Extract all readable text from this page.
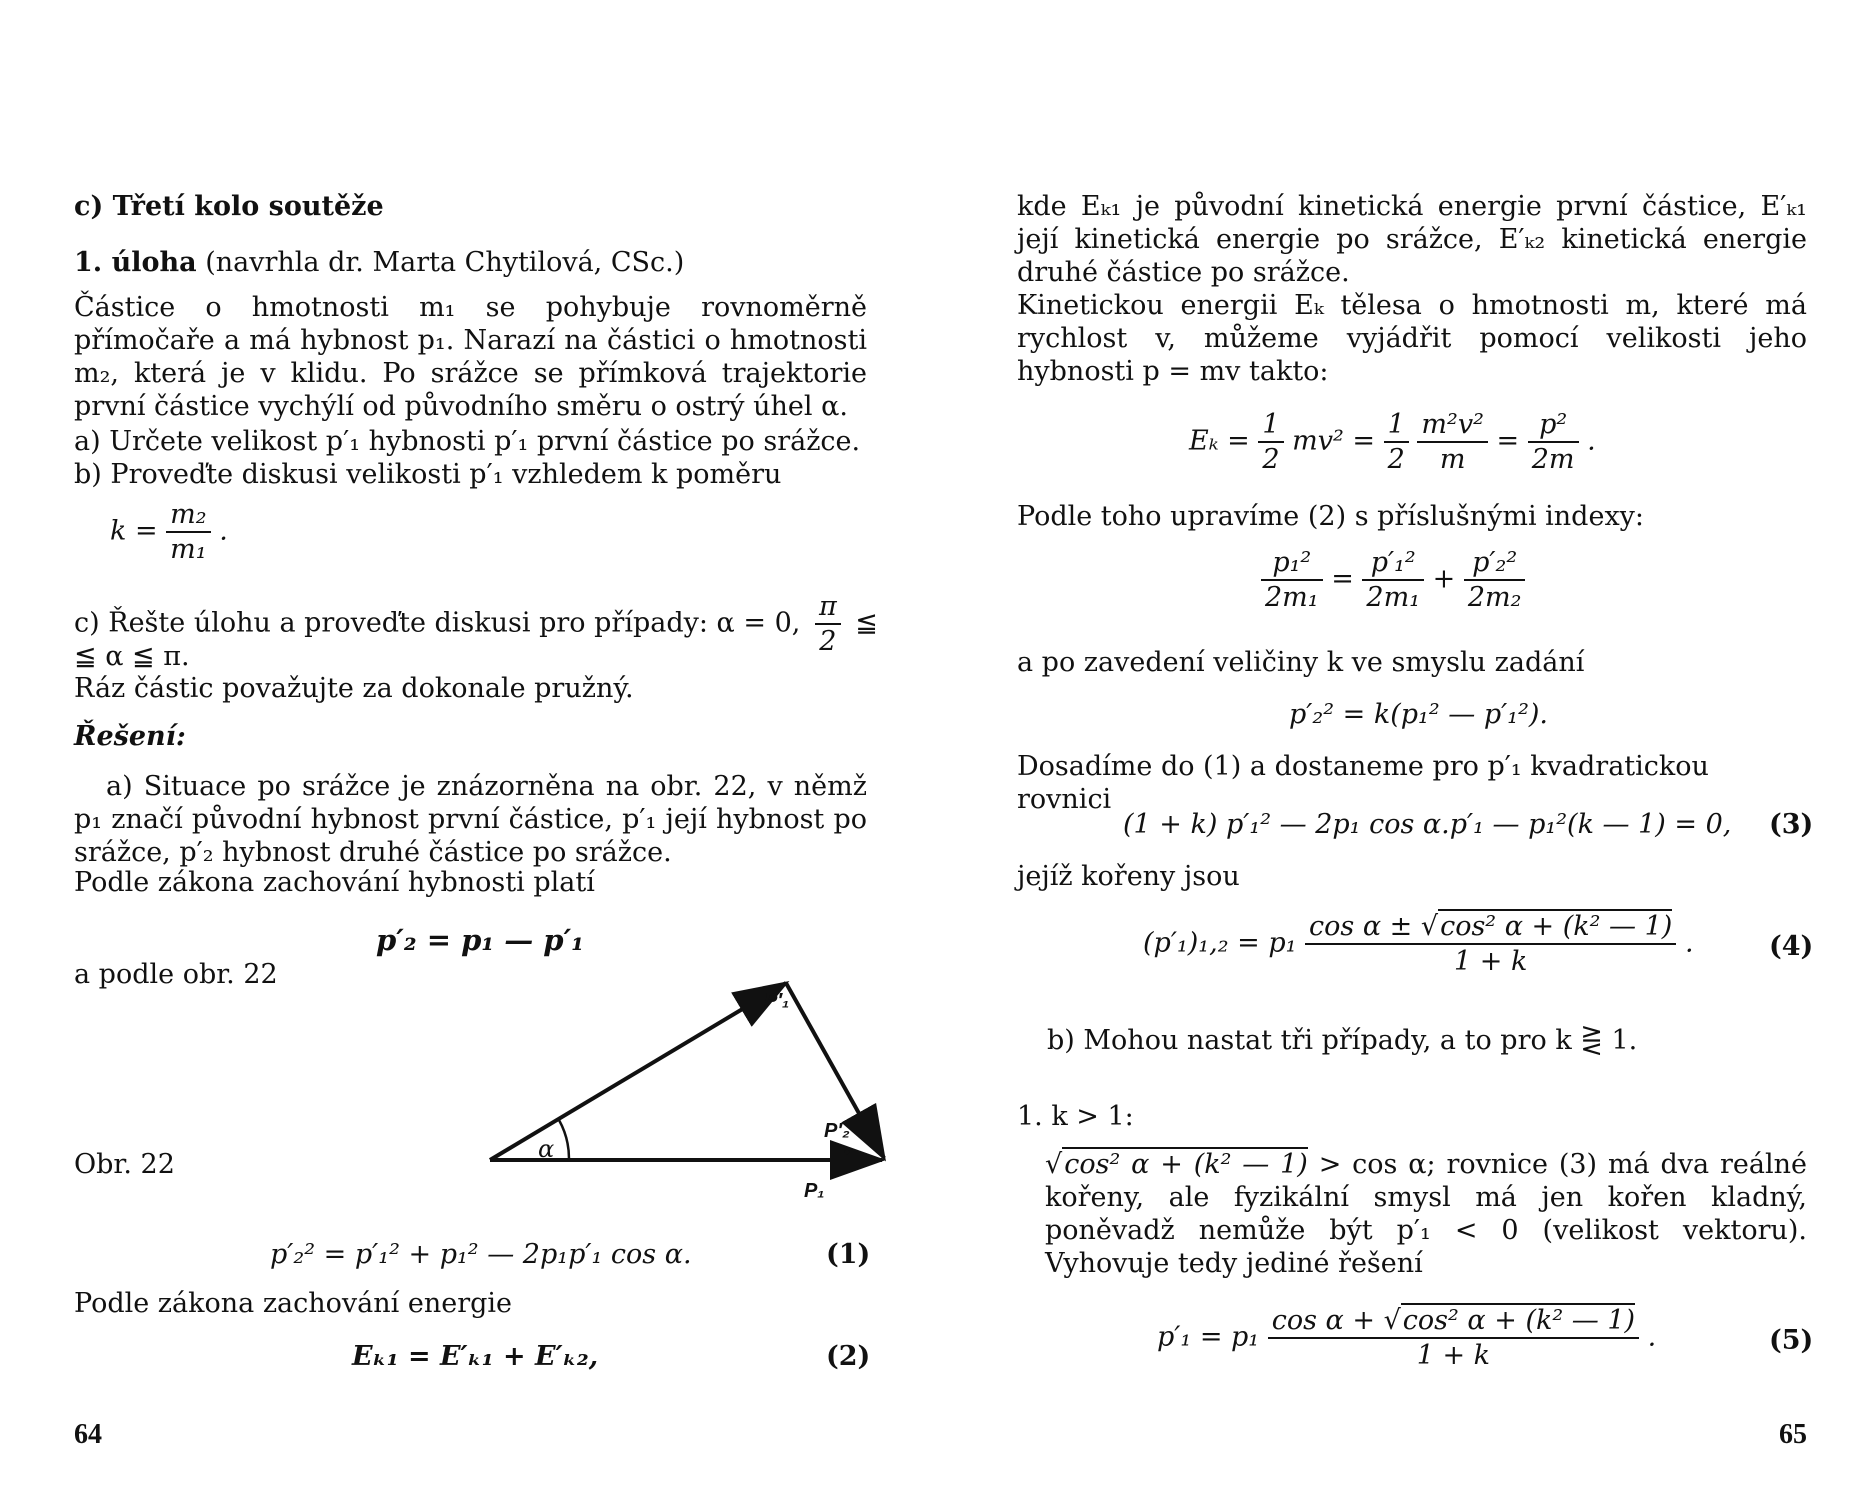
c) Třetí kolo soutěže

1. úloha (navrhla dr. Marta Chytilová, CSc.)

Částice o hmotnosti m₁ se pohybuje rovnoměrně přímočaře a má hybnost p₁. Narazí na částici o hmotnosti m₂, která je v klidu. Po srážce se přímková trajektorie první částice vychýlí od původního směru o ostrý úhel α.

a) Určete velikost p′₁ hybnosti p′₁ první částice po srážce.

b) Proveďte diskusi velikosti p′₁ vzhledem k poměru

$k = \frac{\text{m₂}}{\text{m₁}}$ .

c) Řešte úlohu a proveďte diskusi pro případy: α = 0, $\frac{\pi}{2}$ ≦

≦ α ≦ π.

Ráz částic považujte za dokonale pružný.

Řešení:

a) Situace po srážce je znázorněna na obr. 22, v němž p₁ značí původní hybnost první částice, p′₁ její hybnost po srážce, p′₂ hybnost druhé částice po srážce.

Podle zákona zachování hybnosti platí

p′₂ = p₁ — p′₁

a podle obr. 22

P′₁
P′₂
P₁
α

Obr. 22

p′₂² = p′₁² + p₁² — 2p₁p′₁ cos α.	(1)

Podle zákona zachování energie

Eₖ₁ = E′ₖ₁ + E′ₖ₂,	(2)
64

kde Eₖ₁ je původní kinetická energie první částice, E′ₖ₁ její kinetická energie po srážce, E′ₖ₂ kinetická energie druhé částice po srážce.

Kinetickou energii Eₖ tělesa o hmotnosti m, které má rychlost v, můžeme vyjádřit pomocí velikosti jeho hybnosti p = mv takto:

$E_k = \frac{1}{2} mv^2 = \frac{1}{2}$
$\frac{\text{m²v²}}{m} = \frac{\text{p²}}{2m}$ .

Podle toho upravíme (2) s příslušnými indexy:

$\frac{\text{p₁²}}{\text{2m₁}} = \frac{\text{p′₁²}}{\text{2m₁}} + \frac{\text{p′₂²}}{\text{2m₂}}$

a po zavedení veličiny k ve smyslu zadání

p′₂² = k(p₁² — p′₁²).

Dosadíme do (1) a dostaneme pro p′₁ kvadratickou rovnici

(1 + k) p′₁² — 2p₁ cos α.p′₁ — p₁²(k — 1) = 0, (3)

jejíž kořeny jsou

$(p'_1)_1,_2 = p_1 \frac{\text{cos α ± √cos² α + (k² — 1)}}{1 + k}$ .	(4)

b) Mohou nastat tři případy, a to pro k ⋛ 1.

1. k > 1:

√cos² α + (k² — 1) > cos α; rovnice (3) má dva reálné kořeny, ale fyzikální smysl má jen kořen kladný, poněvadž nemůže být p′₁ < 0 (velikost vektoru). Vyhovuje tedy jediné řešení

$p'_1 = p_1 \frac{\text{cos α + √cos² α + (k² — 1)}}{1 + k}$ .	(5)
65
